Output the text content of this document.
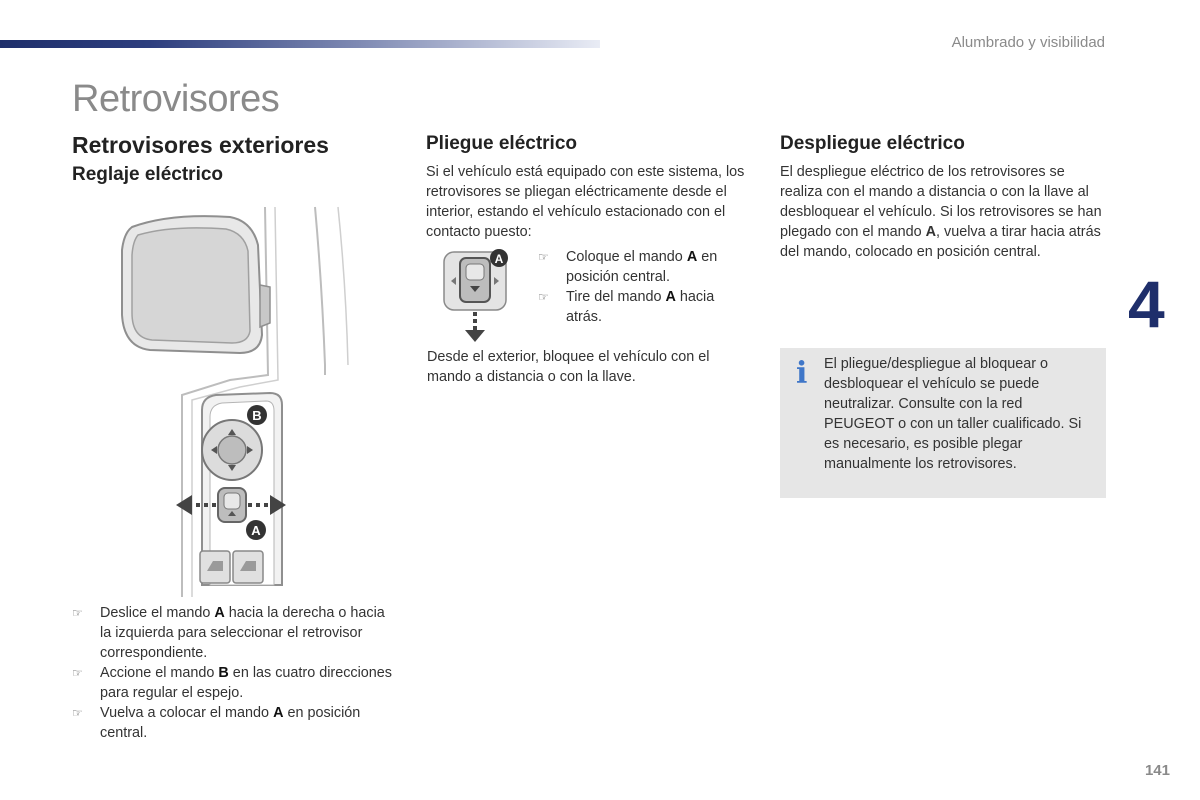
Alumbrado y visibilidad
Retrovisores
4
141
Retrovisores exteriores
Reglaje eléctrico
B
A
☞ Deslice el mando A hacia la derecha o hacia la izquierda para seleccionar el retrovisor correspondiente.
☞ Accione el mando B en las cuatro direcciones para regular el espejo.
☞ Vuelva a colocar el mando A en posición central.
Pliegue eléctrico

Si el vehículo está equipado con este sistema, los retrovisores se pliegan eléctricamente desde el interior, estando el vehículo estacionado con el contacto puesto:

A	☞ Coloque el mando A en posición central.
☞ Tire del mando A hacia atrás.

Desde el exterior, bloquee el vehículo con el mando a distancia o con la llave.

Despliegue eléctrico

El despliegue eléctrico de los retrovisores se realiza con el mando a distancia o con la llave al desbloquear el vehículo. Si los retrovisores se han plegado con el mando A, vuelva a tirar hacia atrás del mando, colocado en posición central.

i El pliegue/despliegue al bloquear o desbloquear el vehículo se puede neutralizar. Consulte con la red PEUGEOT o con un taller cualificado. Si es necesario, es posible plegar manualmente los retrovisores.
